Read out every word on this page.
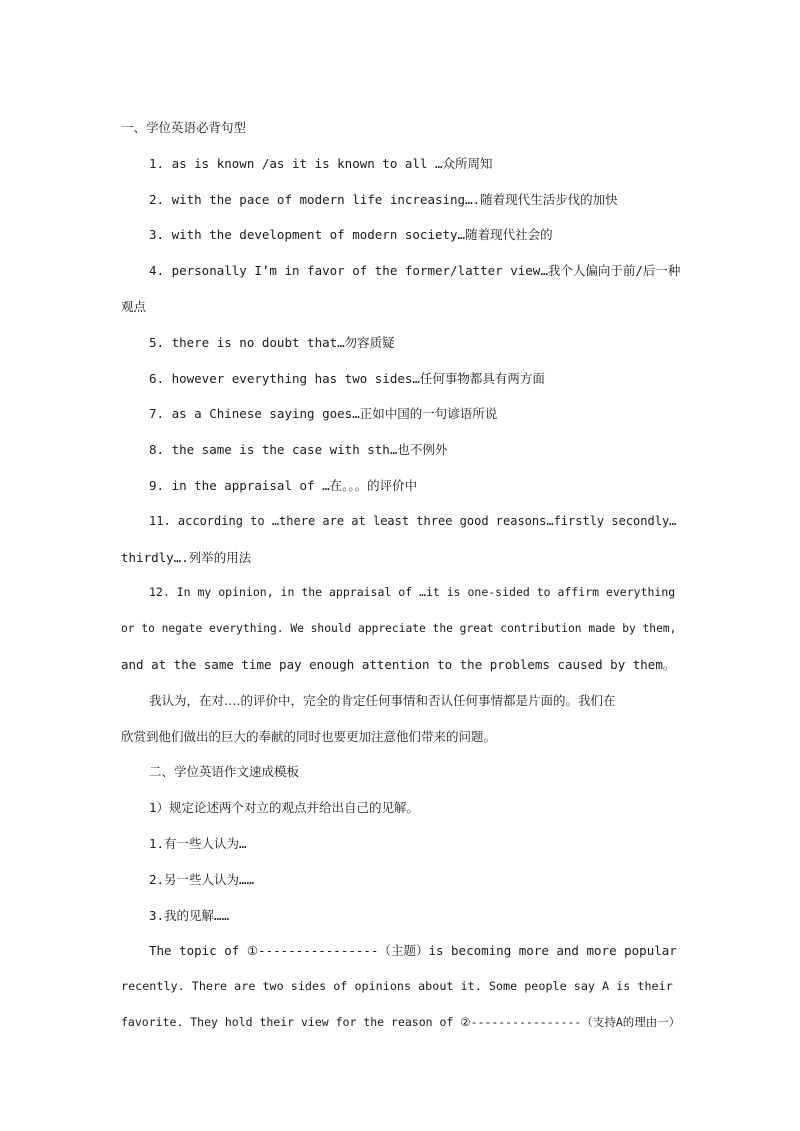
一、学位英语必背句型
1. as is known /as it is known to all …众所周知
2. with the pace of modern life increasing….随着现代生活步伐的加快
3. with the development of modern society…随着现代社会的
4. personally I’m in favor of the former/latter view…我个人偏向于前/后一种
观点
5. there is no doubt that…勿容质疑
6. however everything has two sides…任何事物都具有两方面
7. as a Chinese saying goes…正如中国的一句谚语所说
8. the same is the case with sth…也不例外
9. in the appraisal of …在。。。的评价中
11. according to …there are at least three good reasons…firstly secondly…
thirdly….列举的用法
12. In my opinion, in the appraisal of …it is one-sided to affirm everything
or to negate everything. We should appreciate the great contribution made by them,
and at the same time pay enough attention to the problems caused by them。
我认为，在对….的评价中，完全的肯定任何事情和否认任何事情都是片面的。我们在
欣赏到他们做出的巨大的奉献的同时也要更加注意他们带来的问题。
二、学位英语作文速成模板
1）规定论述两个对立的观点并给出自己的见解。
1.有一些人认为…
2.另一些人认为……
3.我的见解……
The topic of ①----------------（主题）is becoming more and more popular
recently. There are two sides of opinions about it. Some people say A is their
favorite. They hold their view for the reason of ②----------------（支持A的理由一）
